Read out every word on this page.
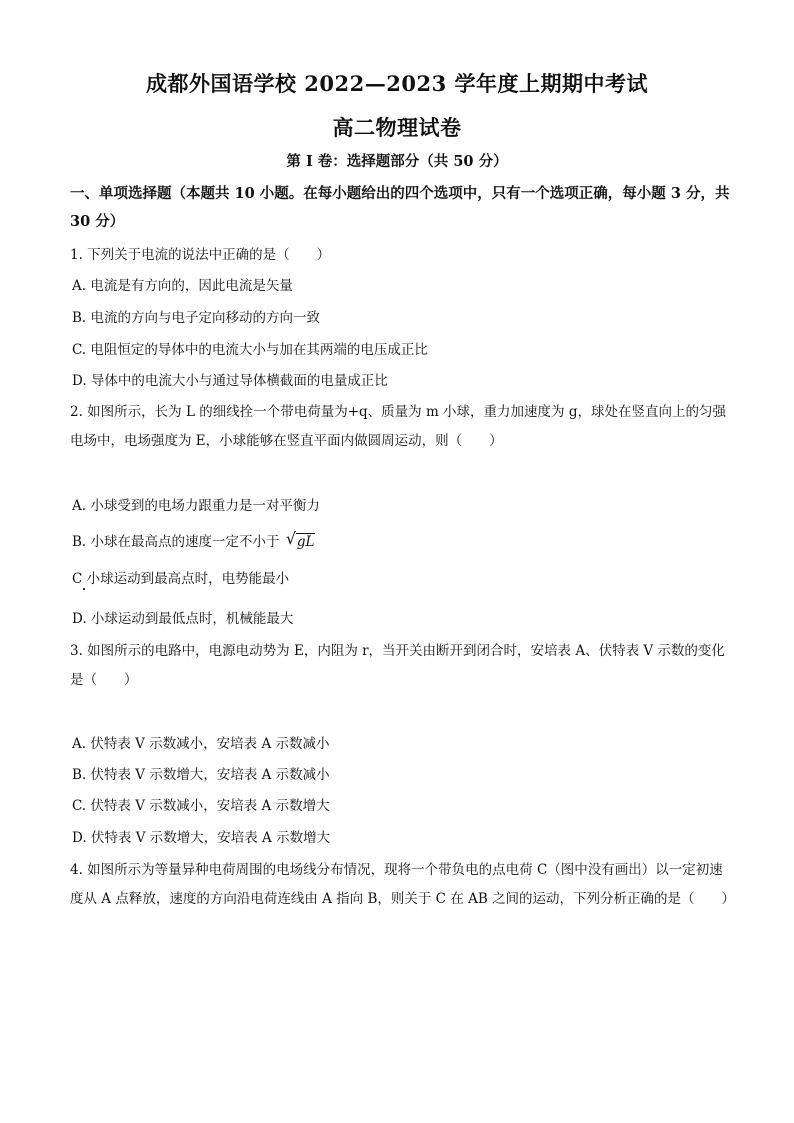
成都外国语学校 2022—2023 学年度上期期中考试
高二物理试卷
第 I 卷：选择题部分（共 50 分）
一、单项选择题（本题共 10 小题。在每小题给出的四个选项中，只有一个选项正确，每小题 3 分，共 30 分）
1. 下列关于电流的说法中正确的是（　　）
A. 电流是有方向的，因此电流是矢量
B. 电流的方向与电子定向移动的方向一致
C. 电阻恒定的导体中的电流大小与加在其两端的电压成正比
D. 导体中的电流大小与通过导体横截面的电量成正比
2. 如图所示，长为 L 的细线拴一个带电荷量为+q、质量为 m 小球，重力加速度为 g，球处在竖直向上的匀强电场中，电场强度为 E，小球能够在竖直平面内做圆周运动，则（　　）
A. 小球受到的电场力跟重力是一对平衡力
B. 小球在最高点的速度一定不小于 √ gL
C 小球运动到最高点时，电势能最小
D. 小球运动到最低点时，机械能最大
3. 如图所示的电路中，电源电动势为 E，内阻为 r，当开关由断开到闭合时，安培表 A、伏特表 V 示数的变化是（　　）
A. 伏特表 V 示数减小，安培表 A 示数减小
B. 伏特表 V 示数增大，安培表 A 示数减小
C. 伏特表 V 示数减小，安培表 A 示数增大
D. 伏特表 V 示数增大，安培表 A 示数增大
4. 如图所示为等量异种电荷周围的电场线分布情况，现将一个带负电的点电荷 C（图中没有画出）以一定初速度从 A 点释放，速度的方向沿电荷连线由 A 指向 B，则关于 C 在 AB 之间的运动，下列分析正确的是（　　）
